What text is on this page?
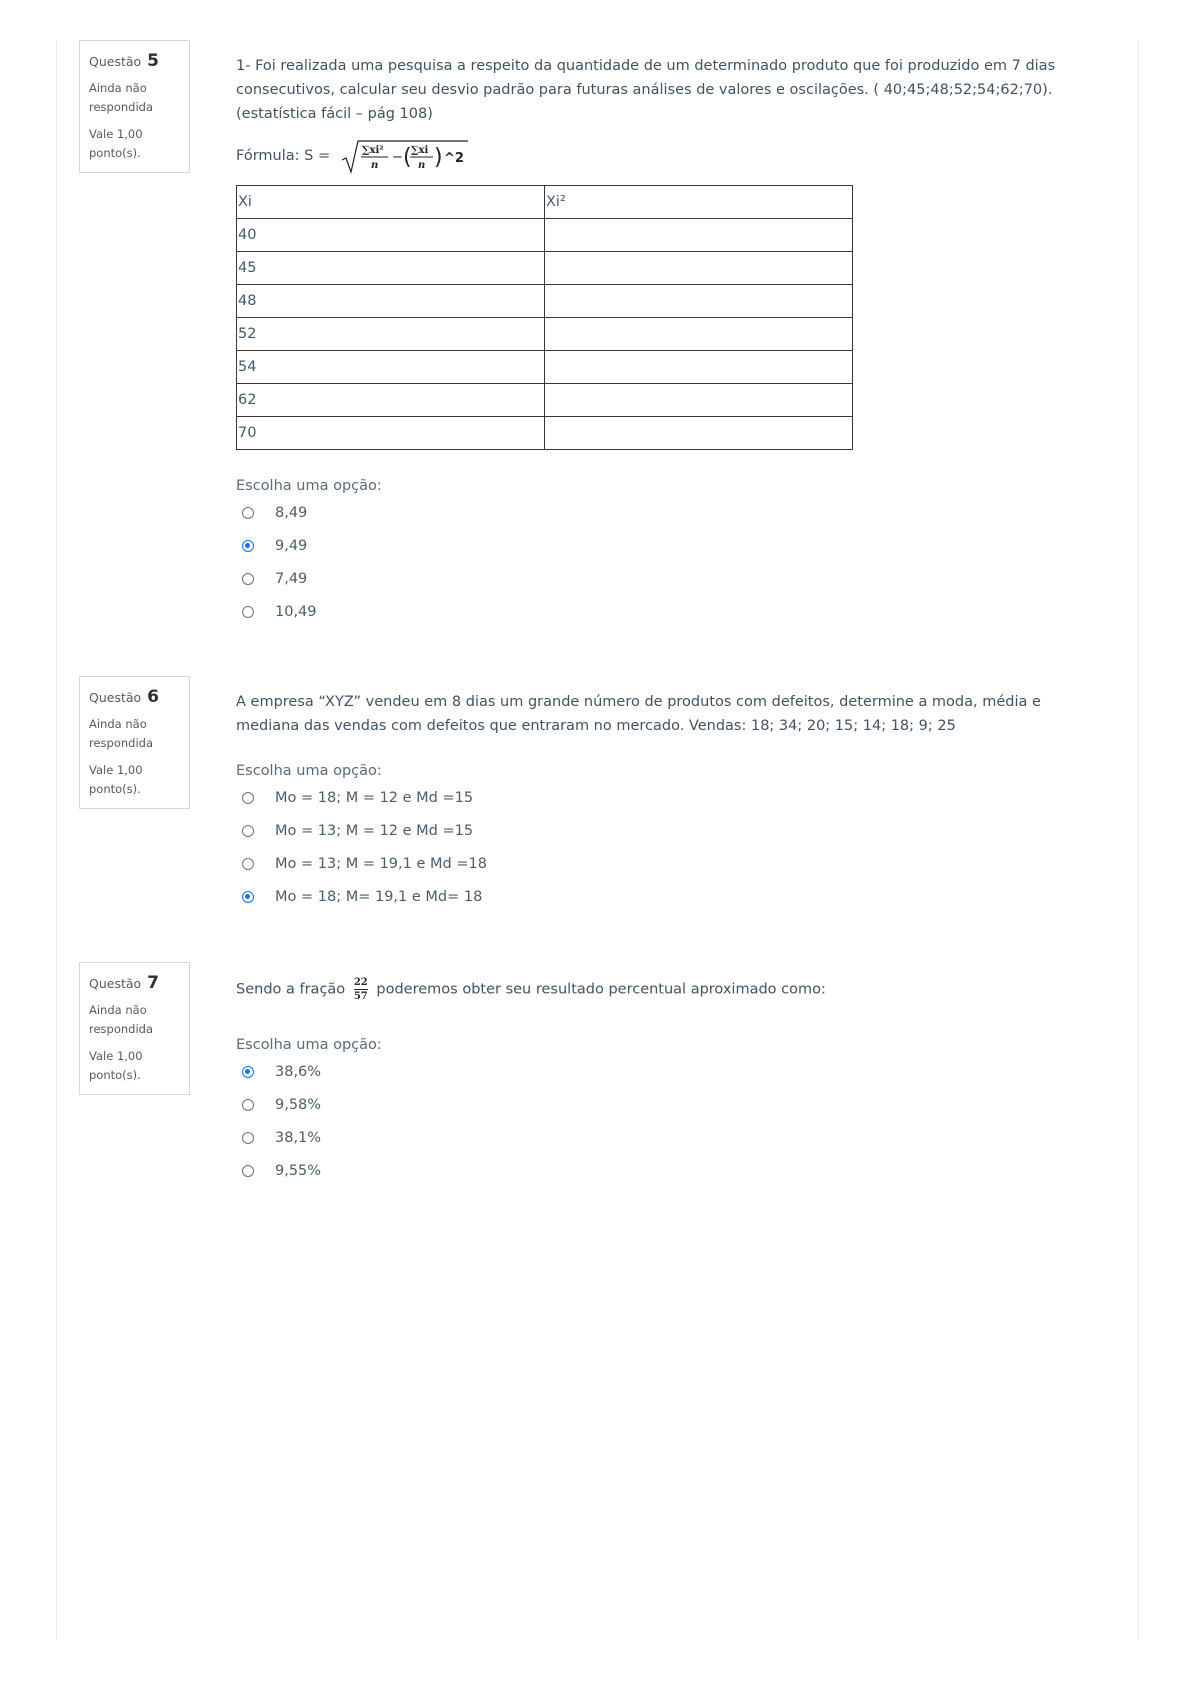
Questão 5
Ainda não respondida
Vale 1,00 ponto(s).
1- Foi realizada uma pesquisa a respeito da quantidade de um determinado produto que foi produzido em 7 dias consecutivos, calcular seu desvio padrão para futuras análises de valores e oscilações. ( 40;45;48;52;54;62;70). (estatística fácil – pág 108)
Fórmula: S =	∑xi²
n
− ( ∑xi
n ) ^2
Xi	Xi²
40	
45	
48	
52	
54	
62	
70	
Escolha uma opção:
8,49
9,49
7,49
10,49
Questão 6
Ainda não respondida
Vale 1,00 ponto(s).
A empresa “XYZ” vendeu em 8 dias um grande número de produtos com defeitos, determine a moda, média e mediana das vendas com defeitos que entraram no mercado. Vendas: 18; 34; 20; 15; 14; 18; 9; 25
Escolha uma opção:
Mo = 18; M = 12 e Md =15
Mo = 13; M = 12 e Md =15
Mo = 13; M = 19,1 e Md =18
Mo = 18; M= 19,1 e Md= 18
Questão 7
Ainda não respondida
Vale 1,00 ponto(s).
Sendo a fração $\frac{22}{57}$ poderemos obter seu resultado percentual aproximado como:
Escolha uma opção:
38,6%
9,58%
38,1%
9,55%
